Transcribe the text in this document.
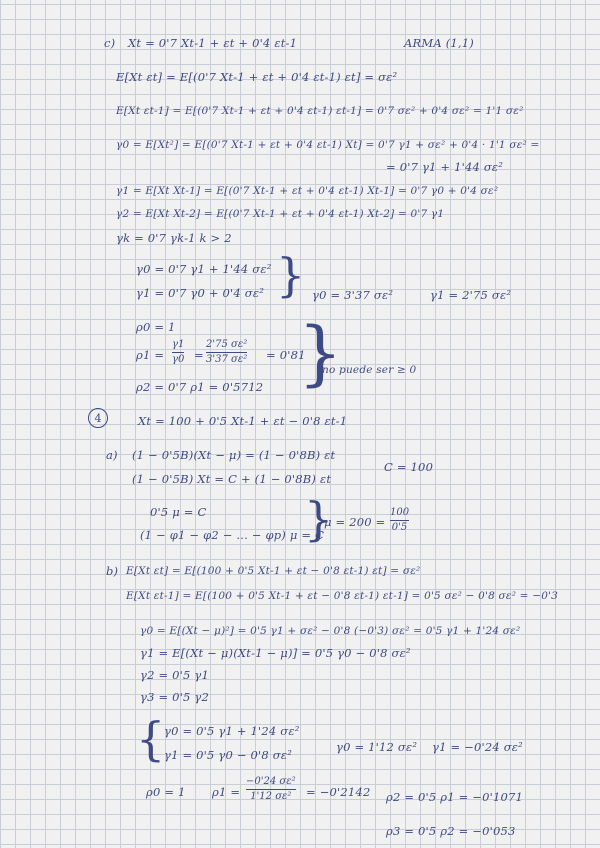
c) Xt = 0'7 Xt-1 + εt + 0'4 εt-1	ARMA (1,1)
E[Xt εt] = E[(0'7 Xt-1 + εt + 0'4 εt-1) εt] = σε²
E[Xt εt-1] = E[(0'7 Xt-1 + εt + 0'4 εt-1) εt-1] = 0'7 σε² + 0'4 σε² = 1'1 σε²
γ0 = E[Xt²] = E[(0'7 Xt-1 + εt + 0'4 εt-1) Xt] = 0'7 γ1 + σε² + 0'4 · 1'1 σε² =
= 0'7 γ1 + 1'44 σε²
γ1 = E[Xt Xt-1] = E[(0'7 Xt-1 + εt + 0'4 εt-1) Xt-1] = 0'7 γ0 + 0'4 σε²
γ2 = E[Xt Xt-2] = E[(0'7 Xt-1 + εt + 0'4 εt-1) Xt-2] = 0'7 γ1
γk = 0'7 γk-1 k > 2
γ0 = 0'7 γ1 + 1'44 σε²
γ1 = 0'7 γ0 + 0'4 σε² } γ0 = 3'37 σε²	γ1 = 2'75 σε²
ρ0 = 1
ρ1 =
γ1
γ0 =
2'75 σε²
3'37 σε² = 0'81
ρ2 = 0'7 ρ1 = 0'5712 }
no puede ser ≥ 0
4	Xt = 100 + 0'5 Xt-1 + εt − 0'8 εt-1
a) (1 − 0'5B)(Xt − μ) = (1 − 0'8B) εt
(1 − 0'5B) Xt = C + (1 − 0'8B) εt
C = 100
0'5 μ = C
(1 − φ1 − φ2 − ... − φp) μ = C
}
μ = 200 =
100
0'5
b) E[Xt εt] = E[(100 + 0'5 Xt-1 + εt − 0'8 εt-1) εt] = σε²
E[Xt εt-1] = E[(100 + 0'5 Xt-1 + εt − 0'8 εt-1) εt-1] = 0'5 σε² − 0'8 σε² = −0'3
γ0 = E[(Xt − μ)²] = 0'5 γ1 + σε² − 0'8 (−0'3) σε² = 0'5 γ1 + 1'24 σε²
γ1 = E[(Xt − μ)(Xt-1 − μ)] = 0'5 γ0 − 0'8 σε²
γ2 = 0'5 γ1
γ3 = 0'5 γ2
{
γ0 = 0'5 γ1 + 1'24 σε²
γ1 = 0'5 γ0 − 0'8 σε²
γ0 = 1'12 σε² γ1 = −0'24 σε²
ρ0 = 1 ρ1 =
−0'24 σε²
1'12 σε² = −0'2142 ρ2 = 0'5 ρ1 = −0'1071
ρ3 = 0'5 ρ2 = −0'053
